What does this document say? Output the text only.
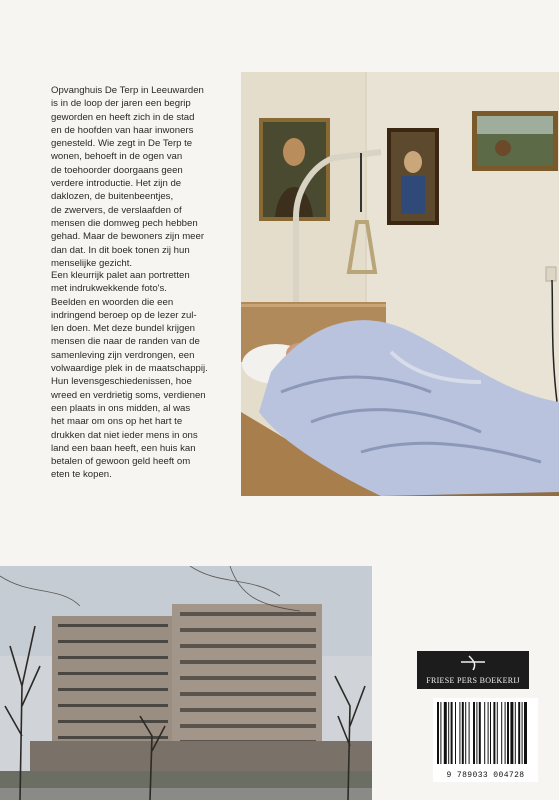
Opvanghuis De Terp in Leeuwarden
is in de loop der jaren een begrip
geworden en heeft zich in de stad
en de hoofden van haar inwoners
genesteld. Wie zegt in De Terp te
wonen, behoeft in de ogen van
de toehoorder doorgaans geen
verdere introductie. Het zijn de
daklozen, de buitenbeentjes,
de zwervers, de verslaafden of
mensen die domweg pech hebben
gehad. Maar de bewoners zijn meer
dan dat. In dit boek tonen zij hun
menselijke gezicht.

Een kleurrijk palet aan portretten
met indrukwekkende foto's.
Beelden en woorden die een
indringend beroep op de lezer zul-
len doen. Met deze bundel krijgen
mensen die naar de randen van de
samenleving zijn verdrongen, een
volwaardige plek in de maatschappij.
Hun levensgeschiedenissen, hoe
wreed en verdrietig soms, verdienen
een plaats in ons midden, al was
het maar om ons op het hart te
drukken dat niet ieder mens in ons
land een baan heeft, een huis kan
betalen of gewoon geld heeft om
eten te kopen.

FRIESE PERS BOEKERIJ
9 789033 004728
